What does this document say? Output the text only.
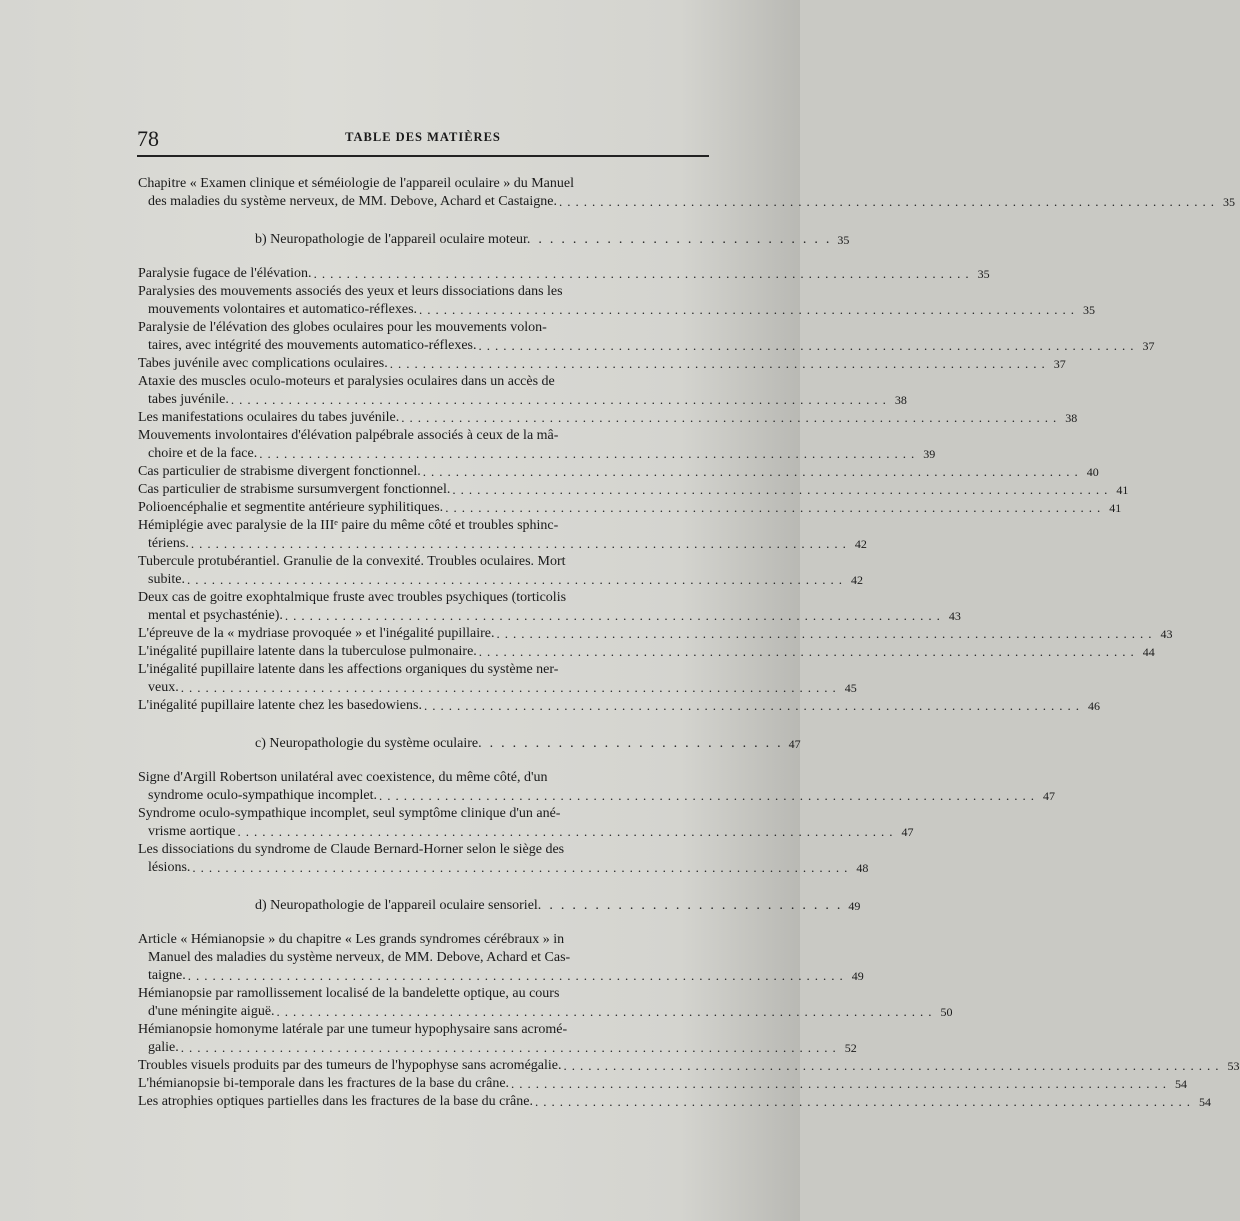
78	TABLE DES MATIÈRES
Chapitre « Examen clinique et séméiologie de l'appareil oculaire » du Manuel
des maladies du système nerveux, de MM. Debove, Achard et Castaigne. ................................................................................ 35
b) Neuropathologie de l'appareil oculaire moteur. .......................... 35
Paralysie fugace de l'élévation. ................................................................................ 35
Paralysies des mouvements associés des yeux et leurs dissociations dans les
mouvements volontaires et automatico-réflexes. ................................................................................ 35
Paralysie de l'élévation des globes oculaires pour les mouvements volon-
taires, avec intégrité des mouvements automatico-réflexes. ................................................................................ 37
Tabes juvénile avec complications oculaires. ................................................................................ 37
Ataxie des muscles oculo-moteurs et paralysies oculaires dans un accès de
tabes juvénile. ................................................................................ 38
Les manifestations oculaires du tabes juvénile. ................................................................................ 38
Mouvements involontaires d'élévation palpébrale associés à ceux de la mâ-
choire et de la face. ................................................................................ 39
Cas particulier de strabisme divergent fonctionnel. ................................................................................ 40
Cas particulier de strabisme sursumvergent fonctionnel. ................................................................................ 41
Polioencéphalie et segmentite antérieure syphilitiques. ................................................................................ 41
Hémiplégie avec paralysie de la IIIᵉ paire du même côté et troubles sphinc-
tériens. ................................................................................ 42
Tubercule protubérantiel. Granulie de la convexité. Troubles oculaires. Mort
subite. ................................................................................ 42
Deux cas de goitre exophtalmique fruste avec troubles psychiques (torticolis
mental et psychasténie). ................................................................................ 43
L'épreuve de la « mydriase provoquée » et l'inégalité pupillaire. ................................................................................ 43
L'inégalité pupillaire latente dans la tuberculose pulmonaire. ................................................................................ 44
L'inégalité pupillaire latente dans les affections organiques du système ner-
veux. ................................................................................ 45
L'inégalité pupillaire latente chez les basedowiens. ................................................................................ 46
c) Neuropathologie du système oculaire. .......................... 47
Signe d'Argill Robertson unilatéral avec coexistence, du même côté, d'un
syndrome oculo-sympathique incomplet. ................................................................................ 47
Syndrome oculo-sympathique incomplet, seul symptôme clinique d'un ané-
vrisme aortique ................................................................................ 47
Les dissociations du syndrome de Claude Bernard-Horner selon le siège des
lésions. ................................................................................ 48
d) Neuropathologie de l'appareil oculaire sensoriel. .......................... 49
Article « Hémianopsie » du chapitre « Les grands syndromes cérébraux » in
Manuel des maladies du système nerveux, de MM. Debove, Achard et Cas-
taigne. ................................................................................ 49
Hémianopsie par ramollissement localisé de la bandelette optique, au cours
d'une méningite aiguë. ................................................................................ 50
Hémianopsie homonyme latérale par une tumeur hypophysaire sans acromé-
galie. ................................................................................ 52
Troubles visuels produits par des tumeurs de l'hypophyse sans acromégalie. ................................................................................ 53
L'hémianopsie bi-temporale dans les fractures de la base du crâne. ................................................................................ 54
Les atrophies optiques partielles dans les fractures de la base du crâne. ................................................................................ 54
